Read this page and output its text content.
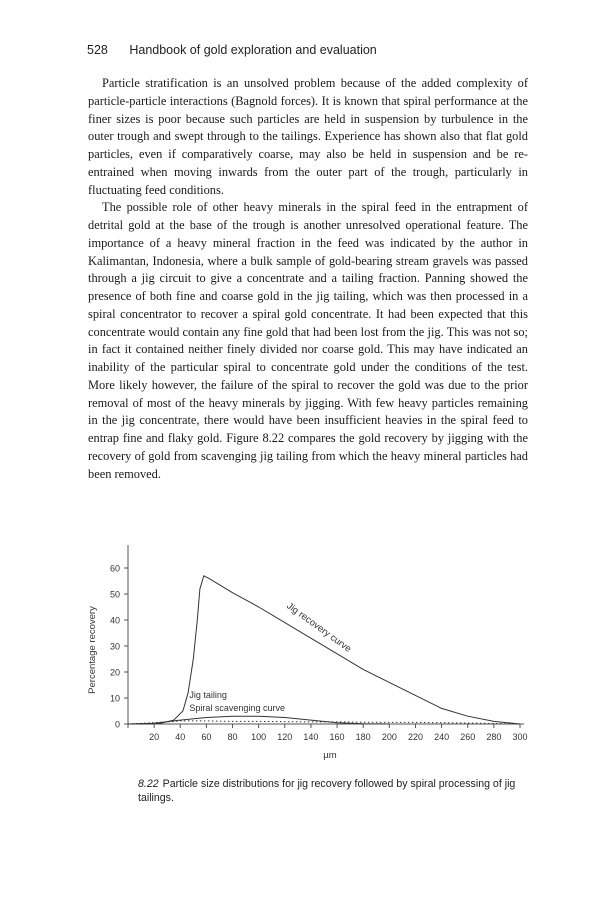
528 Handbook of gold exploration and evaluation

Particle stratification is an unsolved problem because of the added complexity of particle-particle interactions (Bagnold forces). It is known that spiral performance at the finer sizes is poor because such particles are held in suspension by turbulence in the outer trough and swept through to the tailings. Experience has shown also that flat gold particles, even if comparatively coarse, may also be held in suspension and be re-entrained when moving inwards from the outer part of the trough, particularly in fluctuating feed conditions.

The possible role of other heavy minerals in the spiral feed in the entrapment of detrital gold at the base of the trough is another unresolved operational feature. The importance of a heavy mineral fraction in the feed was indicated by the author in Kalimantan, Indonesia, where a bulk sample of gold-bearing stream gravels was passed through a jig circuit to give a concentrate and a tailing fraction. Panning showed the presence of both fine and coarse gold in the jig tailing, which was then processed in a spiral concentrator to recover a spiral gold concentrate. It had been expected that this concentrate would contain any fine gold that had been lost from the jig. This was not so; in fact it contained neither finely divided nor coarse gold. This may have indicated an inability of the particular spiral to concentrate gold under the conditions of the test. More likely however, the failure of the spiral to recover the gold was due to the prior removal of most of the heavy minerals by jigging. With few heavy particles remaining in the jig concentrate, there would have been insufficient heavies in the spiral feed to entrap fine and flaky gold. Figure 8.22 compares the gold recovery by jigging with the recovery of gold from scavenging jig tailing from which the heavy mineral particles had been removed.

0
10
20
30
40
50
60
20 40 60 80 100 120 140 160 180 200 220 240 260 280 300
Percentage recovery
µm
Jig recovery curve
Jig tailing
Spiral scavenging curve
8.22 Particle size distributions for jig recovery followed by spiral processing of jig tailings.
